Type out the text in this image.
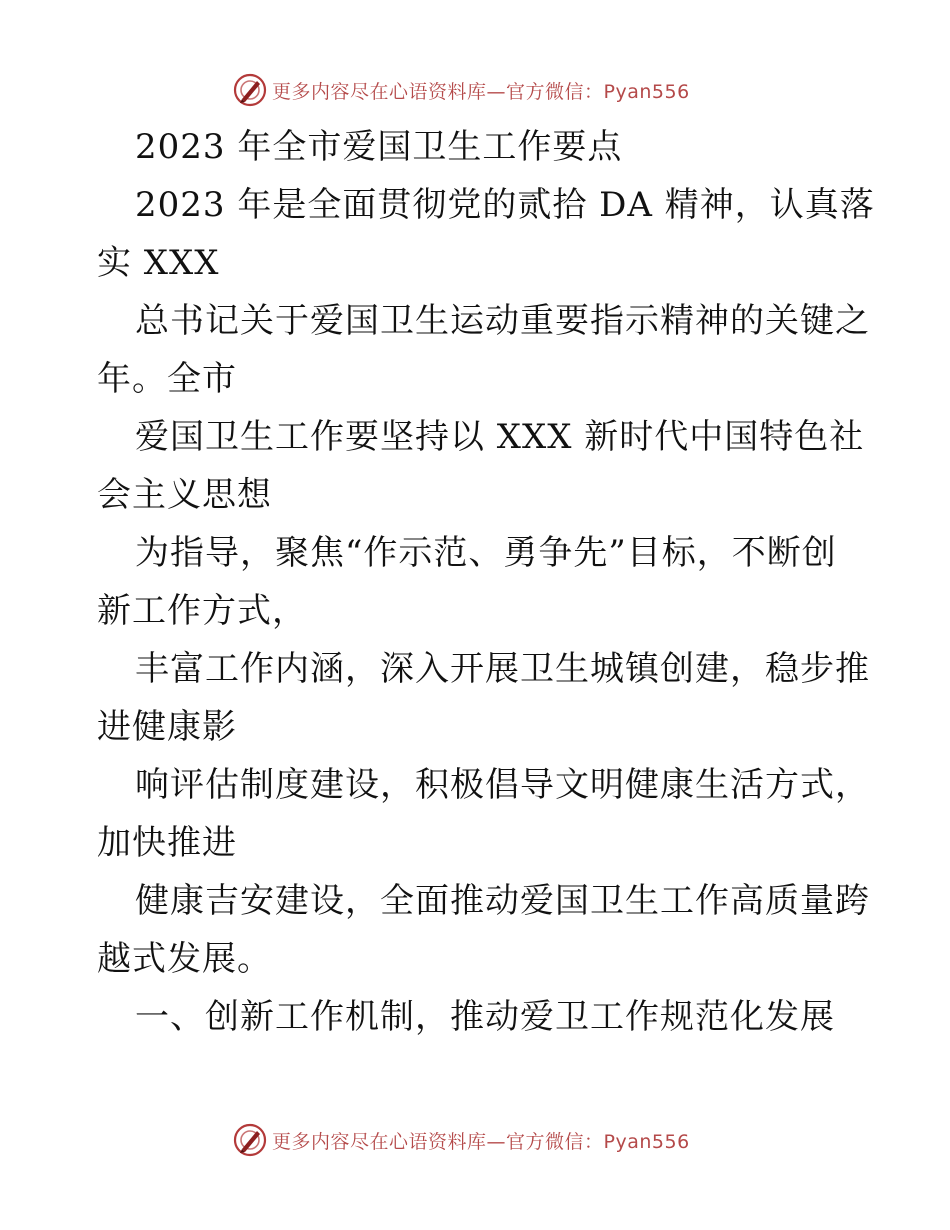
更多内容尽在心语资料库—官方微信：Pyan556
2023 年全市爱国卫生工作要点
2023 年是全面贯彻党的贰拾 DA 精神，认真落
实 XXX
总书记关于爱国卫生运动重要指示精神的关键之
年。全市
爱国卫生工作要坚持以 XXX 新时代中国特色社
会主义思想
为指导，聚焦“作示范、勇争先”目标，不断创
新工作方式，
丰富工作内涵，深入开展卫生城镇创建，稳步推
进健康影
响评估制度建设，积极倡导文明健康生活方式，
加快推进
健康吉安建设，全面推动爱国卫生工作高质量跨
越式发展。
一、创新工作机制，推动爱卫工作规范化发展
更多内容尽在心语资料库—官方微信：Pyan556
